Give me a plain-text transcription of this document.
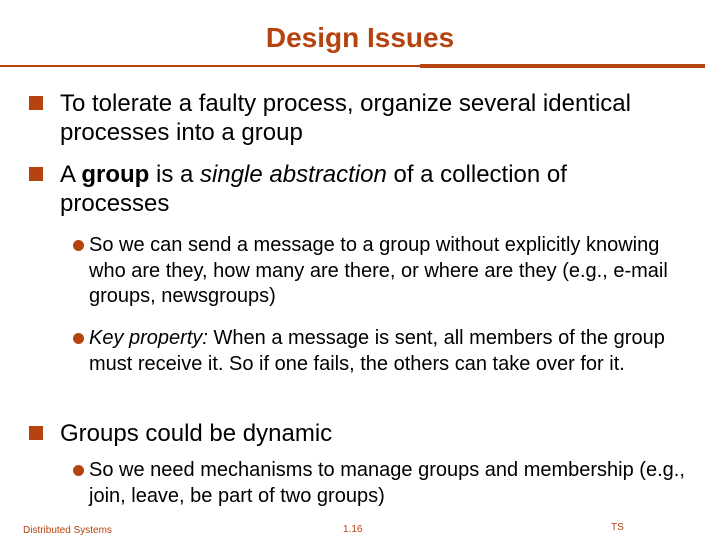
Design Issues
To tolerate a faulty process, organize several identical processes into a group
A group is a single abstraction of a collection of processes
So we can send a message to a group without explicitly knowing who are they, how many are there, or where are they (e.g., e-mail groups, newsgroups)
Key property: When a message is sent, all members of the group must receive it. So if one fails, the others can take over for it.
Groups could be dynamic
So we need mechanisms to manage groups and membership (e.g., join, leave, be part of two groups)
Distributed Systems	1.16	TS
